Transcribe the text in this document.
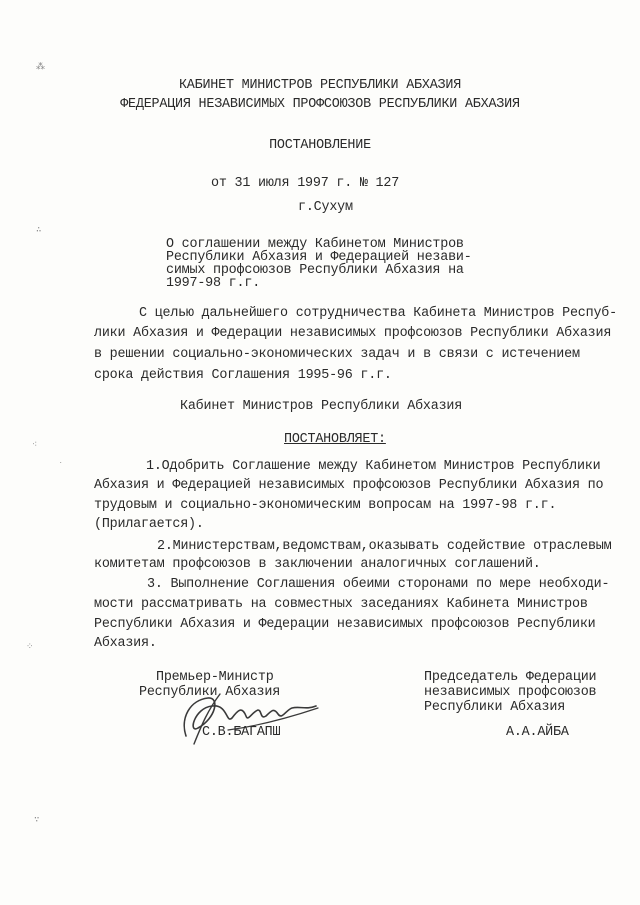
⁂
∴
⁖
˙
⁘
∵
КАБИНЕТ МИНИСТРОВ РЕСПУБЛИКИ АБХАЗИЯ
ФЕДЕРАЦИЯ НЕЗАВИСИМЫХ ПРОФСОЮЗОВ РЕСПУБЛИКИ АБХАЗИЯ
ПОСТАНОВЛЕНИЕ
от 31 июля 1997 г. № 127
г.Сухум
О соглашении между Кабинетом Министров
Республики Абхазия и Федерацией незави-
симых профсоюзов Республики Абхазия на
1997-98 г.г.
С целью дальнейшего сотрудничества Кабинета Министров Респуб-
лики Абхазия и Федерации независимых профсоюзов Республики Абхазия
в решении социально-экономических задач и в связи с истечением
срока действия Соглашения 1995-96 г.г.
Кабинет Министров Республики Абхазия
ПОСТАНОВЛЯЕТ:
1.Одобрить Соглашение между Кабинетом Министров Республики
Абхазия и Федерацией независимых профсоюзов Республики Абхазия по
трудовым и социально-экономическим вопросам на 1997-98 г.г.
(Прилагается).
2.Министерствам,ведомствам,оказывать содействие отраслевым
комитетам профсоюзов в заключении аналогичных соглашений.
3. Выполнение Соглашения обеими сторонами по мере необходи-
мости рассматривать на совместных заседаниях Кабинета Министров
Республики Абхазия и Федерации независимых профсоюзов Республики
Абхазия.
Премьер-Министр
Республики Абхазия
С.В.БАГАПШ
Председатель Федерации
независимых профсоюзов
Республики Абхазия
А.А.АЙБА
